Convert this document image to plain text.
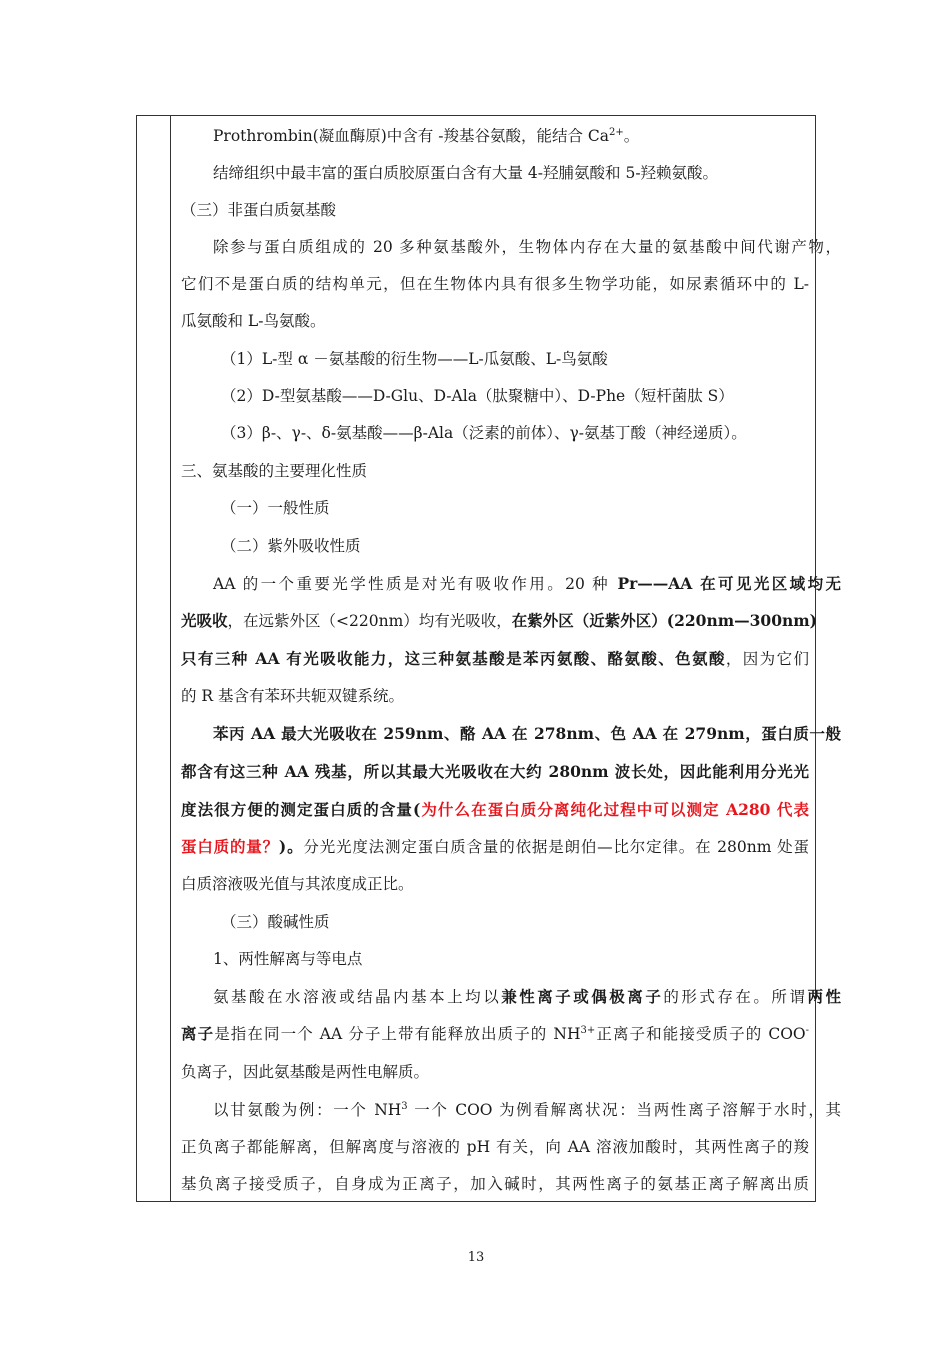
Prothrombin(凝血酶原)中含有 -羧基谷氨酸，能结合 $Ca^{2+}$。
结缔组织中最丰富的蛋白质胶原蛋白含有大量 4-羟脯氨酸和 5-羟赖氨酸。
（三）非蛋白质氨基酸
除参与蛋白质组成的 20 多种氨基酸外，生物体内存在大量的氨基酸中间代谢产物，
它们不是蛋白质的结构单元，但在生物体内具有很多生物学功能，如尿素循环中的 L-
瓜氨酸和 L-鸟氨酸。
（1）L-型 α －氨基酸的衍生物——L-瓜氨酸、L-鸟氨酸
（2）D-型氨基酸——D-Glu、D-Ala（肽聚糖中）、D-Phe（短杆菌肽 S）
（3）β-、γ-、δ-氨基酸——β-Ala（泛素的前体）、γ-氨基丁酸（神经递质）。
三、氨基酸的主要理化性质
（一）一般性质
（二）紫外吸收性质
AA 的一个重要光学性质是对光有吸收作用。20 种 Pr——AA 在可见光区域均无
光吸收，在远紫外区（<220nm）均有光吸收，在紫外区（近紫外区）(220nm—300nm)
只有三种 AA 有光吸收能力，这三种氨基酸是苯丙氨酸、酪氨酸、色氨酸，因为它们
的 R 基含有苯环共轭双键系统。
苯丙 AA 最大光吸收在 259nm、酪 AA 在 278nm、色 AA 在 279nm，蛋白质一般
都含有这三种 AA 残基，所以其最大光吸收在大约 280nm 波长处，因此能利用分光光
度法很方便的测定蛋白质的含量(为什么在蛋白质分离纯化过程中可以测定 A280 代表
蛋白质的量？)。分光光度法测定蛋白质含量的依据是朗伯—比尔定律。在 280nm 处蛋
白质溶液吸光值与其浓度成正比。
（三）酸碱性质
1、两性解离与等电点
氨基酸在水溶液或结晶内基本上均以兼性离子或偶极离子的形式存在。所谓两性
离子是指在同一个 AA 分子上带有能释放出质子的 $NH^{3+}$正离子和能接受质子的 COO-
负离子，因此氨基酸是两性电解质。
以甘氨酸为例：一个 $NH^3$ 一个 COO 为例看解离状况：当两性离子溶解于水时，其
正负离子都能解离，但解离度与溶液的 pH 有关，向 AA 溶液加酸时，其两性离子的羧
基负离子接受质子，自身成为正离子，加入碱时，其两性离子的氨基正离子解离出质
13
